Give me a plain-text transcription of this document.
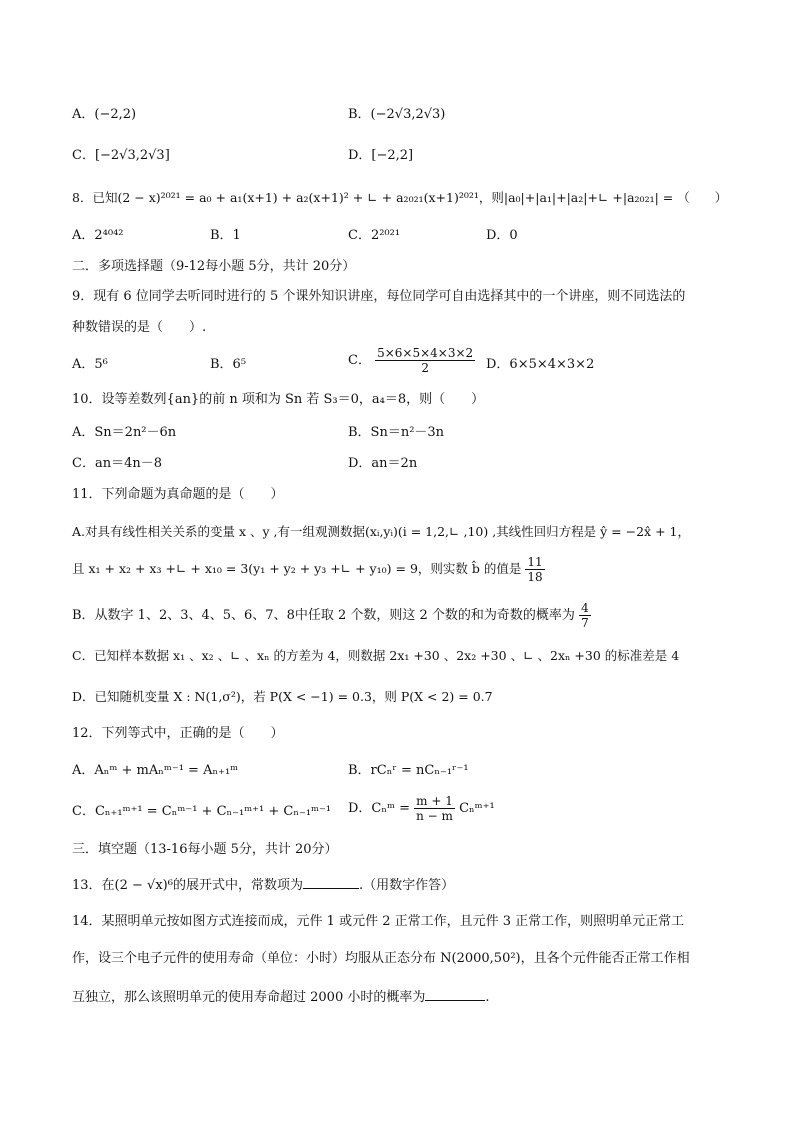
A．(−2,2)	B．(−2√3,2√3)
C．[−2√3,2√3]	D．[−2,2]
8．已知(2 − x)²⁰²¹ = a₀ + a₁(x+1) + a₂(x+1)² + ∟ + a₂₀₂₁(x+1)²⁰²¹，则|a₀|+|a₁|+|a₂|+∟ +|a₂₀₂₁| = （　　）
A．2⁴⁰⁴²	B．1	C．2²⁰²¹	D．0
二．多项选择题（9-12每小题 5分，共计 20分）
9．现有 6 位同学去听同时进行的 5 个课外知识讲座，每位同学可自由选择其中的一个讲座，则不同选法的
种数错误的是（　　）.
A．5⁶	B．6⁵	C． $\frac{5\times 6\times 5\times 4\times 3\times 2}{2}$ D．6×5×4×3×2
10．设等差数列{an}的前 n 项和为 Sn 若 S₃＝0，a₄＝8，则（　　）
A．Sn＝2n²－6n	B．Sn＝n²－3n
C．an＝4n－8	D．an＝2n
11．下列命题为真命题的是（　　）
A.对具有线性相关关系的变量 x 、y ,有一组观测数据(xᵢ,yᵢ)(i = 1,2,∟ ,10) ,其线性回归方程是 ŷ = −2x̂ + 1，
且 x₁ + x₂ + x₃ +∟ + x₁₀ = 3(y₁ + y₂ + y₃ +∟ + y₁₀) = 9，则实数 b̂ 的值是 $\frac{11}{18}$
B．从数字 1、2、3、4、5、6、7、8中任取 2 个数，则这 2 个数的和为奇数的概率为 $\frac{4}{7}$
C．已知样本数据 x₁ 、x₂ 、∟ 、xₙ 的方差为 4，则数据 2x₁ +30 、2x₂ +30 、∟ 、2xₙ +30 的标准差是 4
D．已知随机变量 X : N(1,σ²)，若 P(X < −1) = 0.3，则 P(X < 2) = 0.7
12．下列等式中，正确的是（　　）
A．Aₙᵐ + mAₙᵐ⁻¹ = Aₙ₊₁ᵐ	B．rCₙʳ = nCₙ₋₁ʳ⁻¹
C．Cₙ₊₁ᵐ⁺¹ = Cₙᵐ⁻¹ + Cₙ₋₁ᵐ⁺¹ + Cₙ₋₁ᵐ⁻¹ D．Cₙᵐ = $\frac{m + 1}{n - m}$ Cₙᵐ⁺¹
三．填空题（13-16每小题 5分，共计 20分）
13．在(2 − √x)⁶的展开式中，常数项为	.（用数字作答）
14．某照明单元按如图方式连接而成，元件 1 或元件 2 正常工作，且元件 3 正常工作，则照明单元正常工
作，设三个电子元件的使用寿命（单位：小时）均服从正态分布 N(2000,50²)，且各个元件能否正常工作相
互独立，那么该照明单元的使用寿命超过 2000 小时的概率为	.
